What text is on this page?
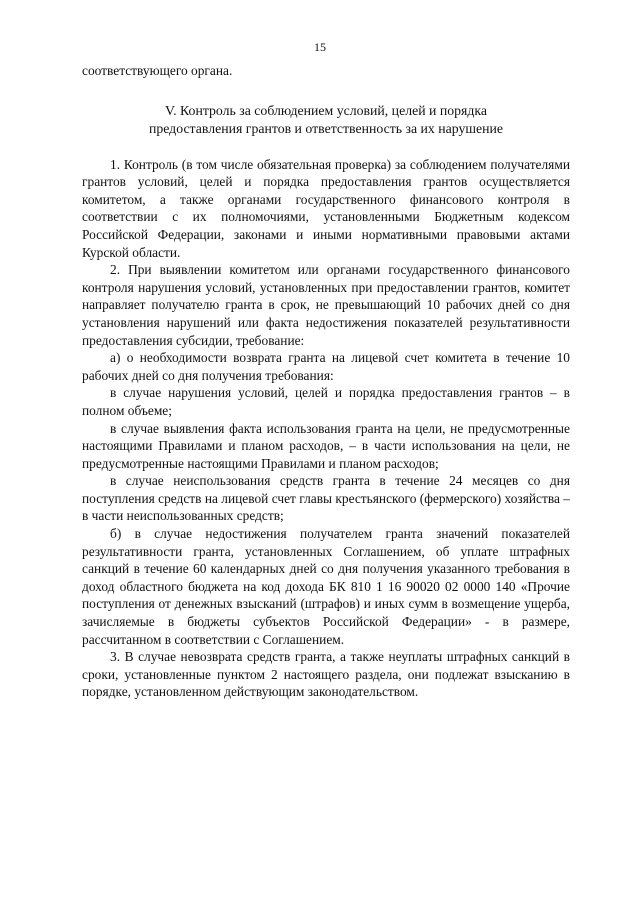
15

соответствующего органа.

V. Контроль за соблюдением условий, целей и порядка
предоставления грантов и ответственность за их нарушение

1. Контроль (в том числе обязательная проверка) за соблюдением получателями грантов условий, целей и порядка предоставления грантов осуществляется комитетом, а также органами государственного финансового контроля в соответствии с их полномочиями, установленными Бюджетным кодексом Российской Федерации, законами и иными нормативными правовыми актами Курской области.

2. При выявлении комитетом или органами государственного финансового контроля нарушения условий, установленных при предоставлении грантов, комитет направляет получателю гранта в срок, не превышающий 10 рабочих дней со дня установления нарушений или факта недостижения показателей результативности предоставления субсидии, требование:

а) о необходимости возврата гранта на лицевой счет комитета в течение 10 рабочих дней со дня получения требования:

в случае нарушения условий, целей и порядка предоставления грантов – в полном объеме;

в случае выявления факта использования гранта на цели, не предусмотренные настоящими Правилами и планом расходов, – в части использования на цели, не предусмотренные настоящими Правилами и планом расходов;

в случае неиспользования средств гранта в течение 24 месяцев со дня поступления средств на лицевой счет главы крестьянского (фермерского) хозяйства – в части неиспользованных средств;

б) в случае недостижения получателем гранта значений показателей результативности гранта, установленных Соглашением, об уплате штрафных санкций в течение 60 календарных дней со дня получения указанного требования в доход областного бюджета на код дохода БК 810 1 16 90020 02 0000 140 «Прочие поступления от денежных взысканий (штрафов) и иных сумм в возмещение ущерба, зачисляемые в бюджеты субъектов Российской Федерации» - в размере, рассчитанном в соответствии с Соглашением.

3. В случае невозврата средств гранта, а также неуплаты штрафных санкций в сроки, установленные пунктом 2 настоящего раздела, они подлежат взысканию в порядке, установленном действующим законодательством.
